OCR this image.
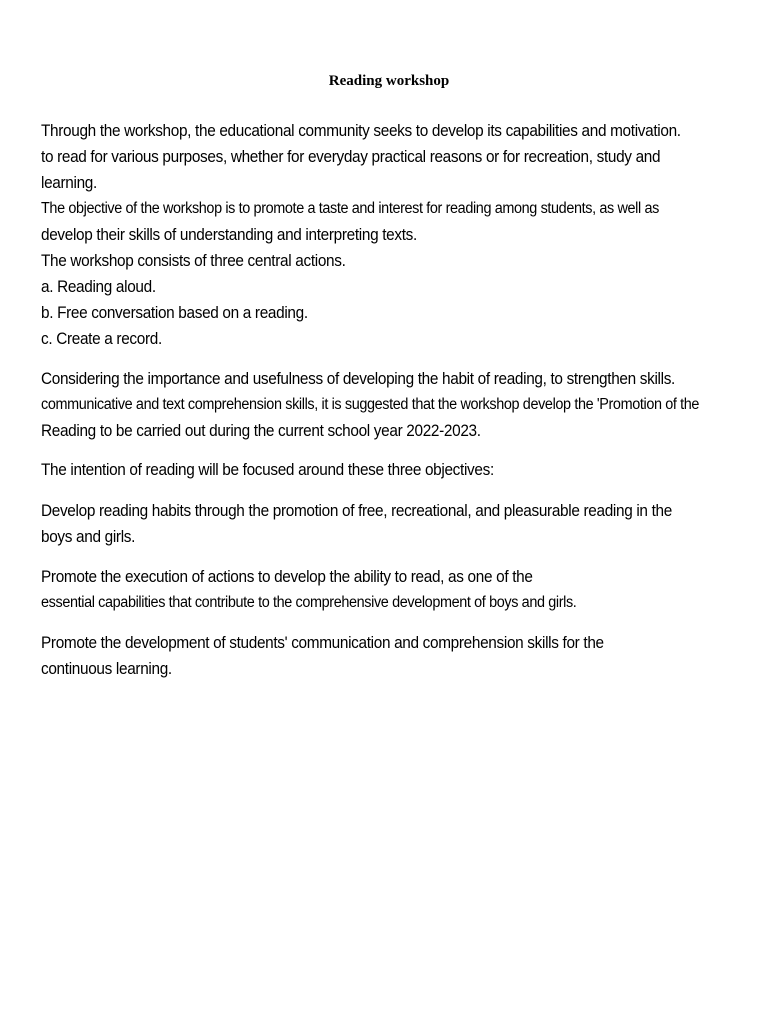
Reading workshop
Through the workshop, the educational community seeks to develop its capabilities and motivation.
to read for various purposes, whether for everyday practical reasons or for recreation, study and
learning.
The objective of the workshop is to promote a taste and interest for reading among students, as well as
develop their skills of understanding and interpreting texts.
The workshop consists of three central actions.
a. Reading aloud.
b. Free conversation based on a reading.
c. Create a record.
Considering the importance and usefulness of developing the habit of reading, to strengthen skills.
communicative and text comprehension skills, it is suggested that the workshop develop the 'Promotion of the
Reading to be carried out during the current school year 2022-2023.
The intention of reading will be focused around these three objectives:
Develop reading habits through the promotion of free, recreational, and pleasurable reading in the
boys and girls.
Promote the execution of actions to develop the ability to read, as one of the
essential capabilities that contribute to the comprehensive development of boys and girls.
Promote the development of students' communication and comprehension skills for the
continuous learning.
